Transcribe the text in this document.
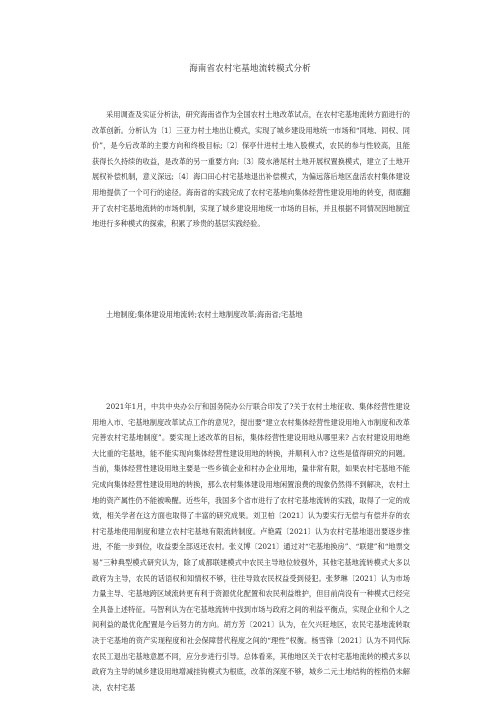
海南省农村宅基地流转模式分析

采用调查及实证分析法，研究海南省作为全国农村土地改革试点，在农村宅基地流转方面进行的改革创新。分析认为〔1〕三亚力村土地出让模式，实现了城乡建设用地统一市场和“同地、同权、同价”，是今后改革的主要方向和终极目标;〔2〕保亭什进村土地入股模式，农民的参与性较高，且能获得长久持续的收益，是改革的另一重要方向;〔3〕陵水港尾村土地开展权置换模式，建立了土地开展权补偿机制，意义深远;〔4〕海口田心村宅基地退出补偿模式，为偏远落后地区盘活农村集体建设用地提供了一个可行的途径。海南省的实践完成了农村宅基地向集体经营性建设用地的转变，彻底翻开了农村宅基地流转的市场机制，实现了城乡建设用地统一市场的目标，并且根据不同情况因地制宜地进行多种模式的探索，积累了珍贵的基层实践经验。

土地制度;集体建设用地流转;农村土地制度改革;海南省;宅基地

2021年1月，中共中央办公厅和国务院办公厅联合印发了?关于农村土地征收、集体经营性建设用地入市、宅基地制度改革试点工作的意见?，提出要“建立农村集体经营性建设用地入市制度和改革完善农村宅基地制度”。要实现上述改革的目标，集体经营性建设用地从哪里来? 占农村建设用地绝大比重的宅基地，能不能实现向集体经营性建设用地的转换，并顺利入市? 这些是值得研究的问题。当前，集体经营性建设用地主要是一些乡镇企业和村办企业用地，量非常有限，如果农村宅基地不能完成向集体经营性建设用地的转换，那么农村集体建设用地闲置浪费的现象仍然得不到解决，农村土地的资产属性仍不能被唤醒。近些年，我国多个省市进行了农村宅基地流转的实践，取得了一定的成效，相关学者在这方面也取得了丰富的研究成果。刘卫柏〔2021〕认为要实行无偿与有偿并存的农村宅基地使用制度和建立农村宅基地有限流转制度。卢艳霞〔2021〕认为农村宅基地退出要逐步推进，不能一步到位，收益要全部返还农村。张义博〔2021〕通过对“宅基地换房”、“联建”和“地票交易”三种典型模式研究认为，除了成都联建模式中农民主导地位较强外，其他宅基地流转模式大多以政府为主导，农民的话语权和知情权不够，往往导致农民权益受到侵犯。张梦琳〔2021〕认为市场力量主导、宅基地跨区域流转更有利于资源优化配置和农民利益维护，但目前尚没有一种模式已经完全具备上述特征。马智利认为在宅基地流转中找到市场与政府之间的利益平衡点，实现企业和个人之间利益的最优化配置是今后努力的方向。胡方芳〔2021〕认为，在欠兴旺地区，农民宅基地流转取决于宅基地的资产实现程度和社会保障替代程度之间的“理性”权衡。杨雪锋〔2021〕认为不同代际农民工退出宅基地意愿不同，应分步进行引导。总体看来，其他地区关于农村宅基地流转的模式多以政府为主导的城乡建设用地增减挂钩模式为根底，改革的深度不够，城乡二元土地结构的桎梏仍未解决，农村宅基
